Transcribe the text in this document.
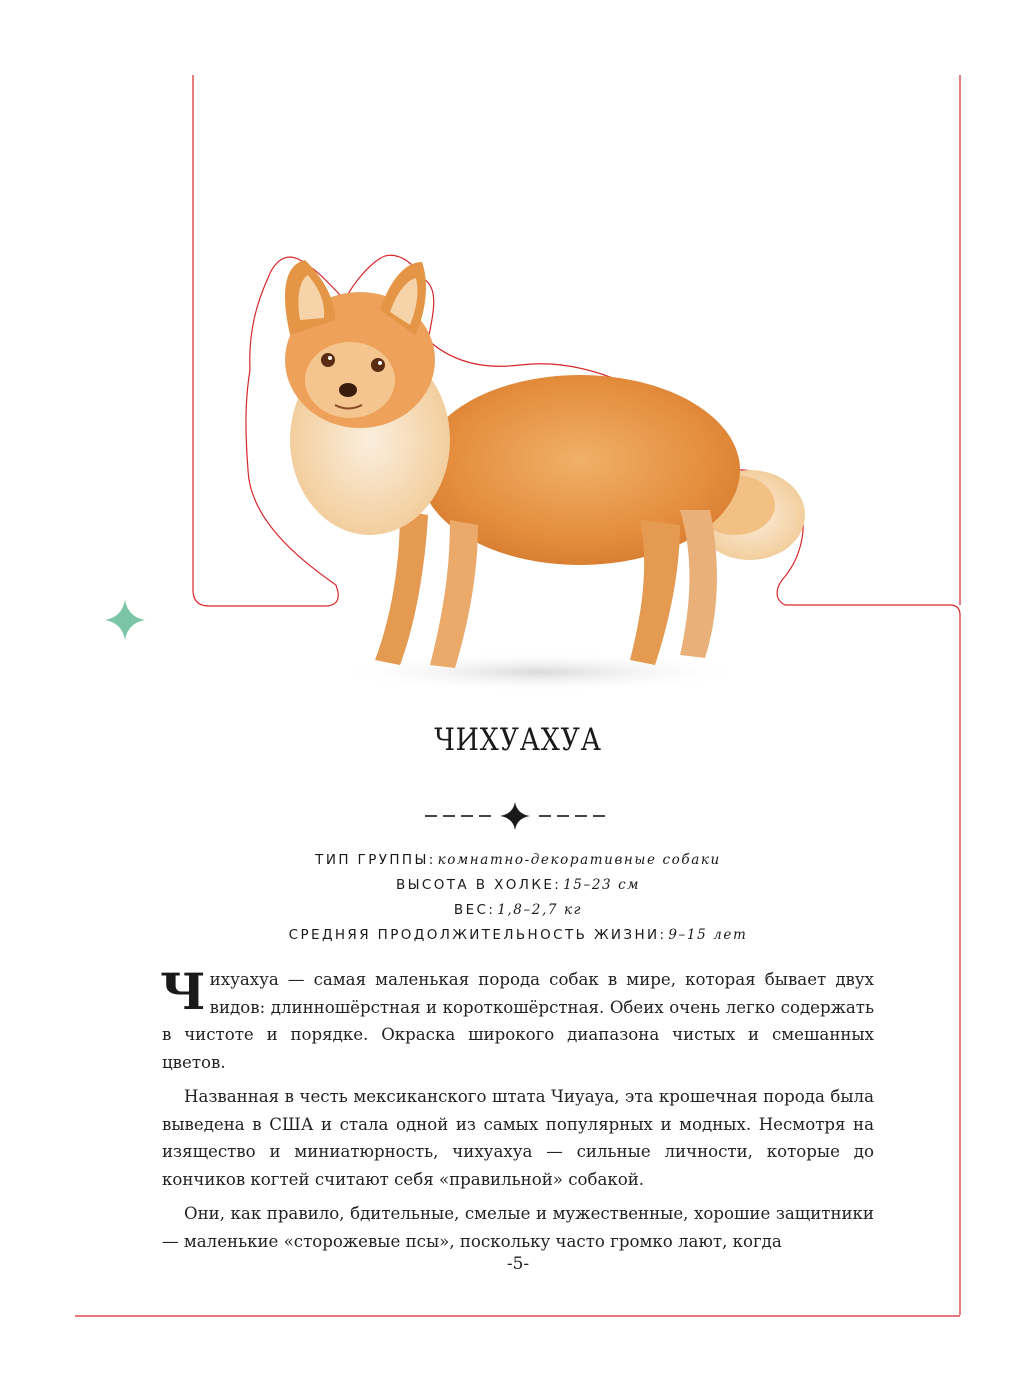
ЧИХУАХУА
ТИП ГРУППЫ: комнатно-декоративные собаки
ВЫСОТА В ХОЛКЕ: 15–23 см
ВЕС: 1,8–2,7 кг
СРЕДНЯЯ ПРОДОЛЖИТЕЛЬНОСТЬ ЖИЗНИ: 9–15 лет

Чихуахуа — самая маленькая порода собак в мире, которая бывает двух видов: длинношёрстная и короткошёрстная. Обеих очень легко содержать в чистоте и порядке. Окраска широкого диапазона чистых и смешанных цветов.

Названная в честь мексиканского штата Чиуауа, эта крошечная порода была выведена в США и стала одной из самых популярных и модных. Несмотря на изящество и миниатюрность, чихуахуа — сильные личности, которые до кончиков когтей считают себя «правильной» собакой.

Они, как правило, бдительные, смелые и мужественные, хорошие защитники — маленькие «сторожевые псы», поскольку часто громко лают, когда

-5-
